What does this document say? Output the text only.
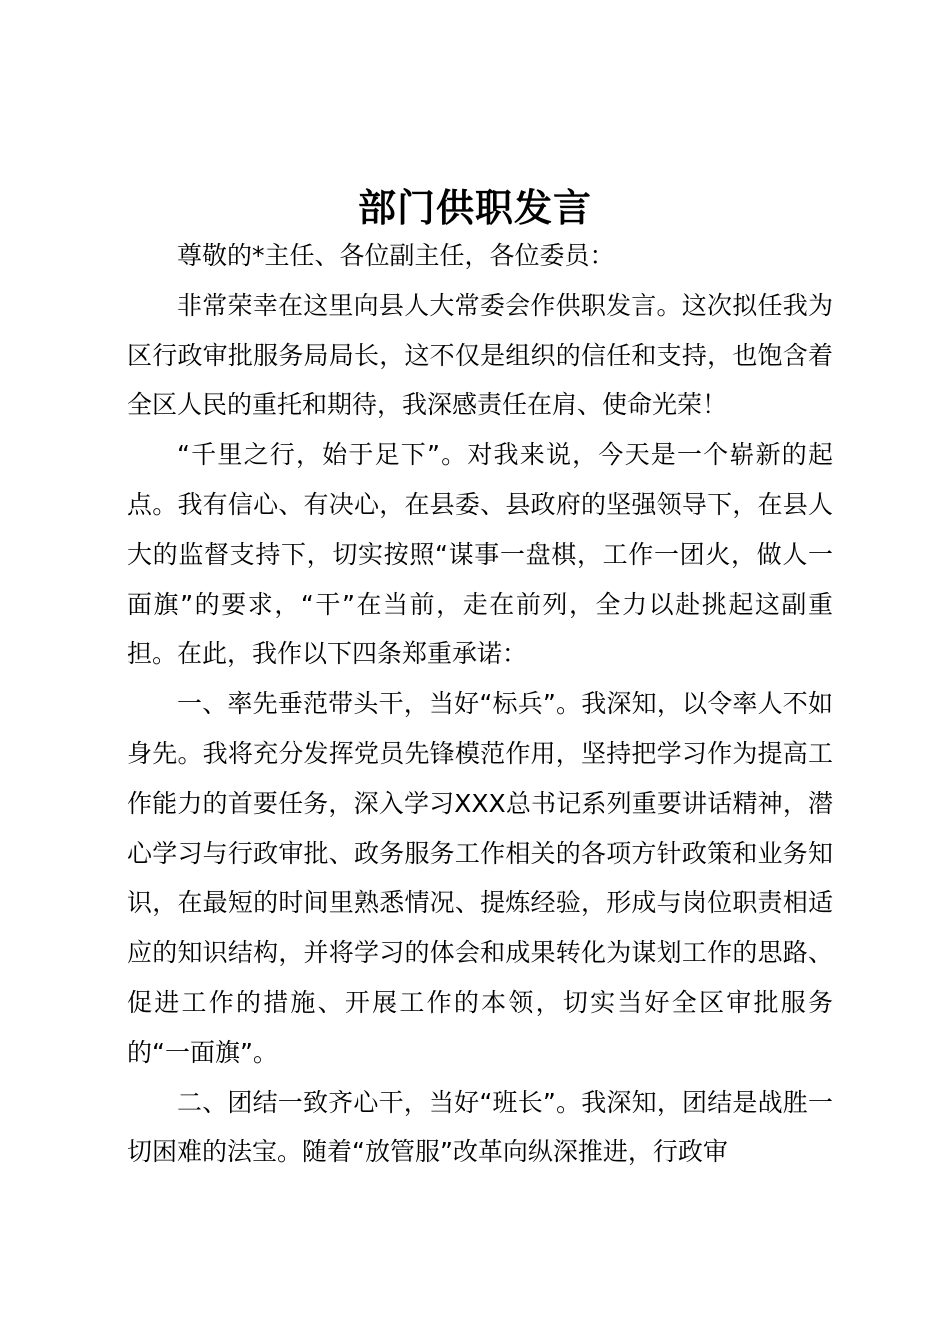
部门供职发言

尊敬的*主任、各位副主任，各位委员：

非常荣幸在这里向县人大常委会作供职发言。这次拟任我为区行政审批服务局局长，这不仅是组织的信任和支持，也饱含着全区人民的重托和期待，我深感责任在肩、使命光荣！

“千里之行，始于足下”。对我来说，今天是一个崭新的起点。我有信心、有决心，在县委、县政府的坚强领导下，在县人大的监督支持下，切实按照“谋事一盘棋，工作一团火，做人一面旗”的要求，“干”在当前，走在前列，全力以赴挑起这副重担。在此，我作以下四条郑重承诺：

一、率先垂范带头干，当好“标兵”。我深知，以令率人不如身先。我将充分发挥党员先锋模范作用，坚持把学习作为提高工作能力的首要任务，深入学习XXX总书记系列重要讲话精神，潜心学习与行政审批、政务服务工作相关的各项方针政策和业务知识，在最短的时间里熟悉情况、提炼经验，形成与岗位职责相适应的知识结构，并将学习的体会和成果转化为谋划工作的思路、促进工作的措施、开展工作的本领，切实当好全区审批服务的“一面旗”。

二、团结一致齐心干，当好“班长”。我深知，团结是战胜一切困难的法宝。随着“放管服”改革向纵深推进，行政审
